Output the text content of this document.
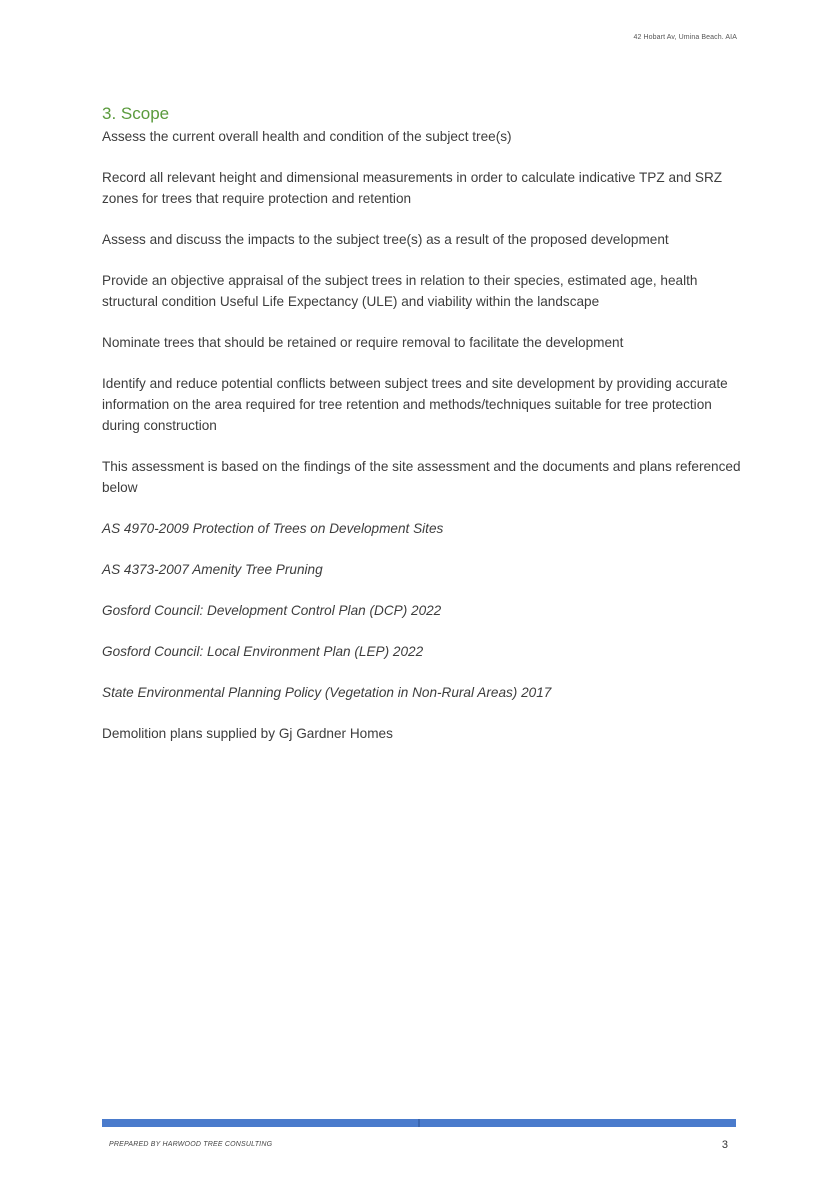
42 Hobart Av, Umina Beach. AIA
3. Scope

Assess the current overall health and condition of the subject tree(s)

Record all relevant height and dimensional measurements in order to calculate indicative TPZ and SRZ zones for trees that require protection and retention

Assess and discuss the impacts to the subject tree(s) as a result of the proposed development

Provide an objective appraisal of the subject trees in relation to their species, estimated age, health structural condition Useful Life Expectancy (ULE) and viability within the landscape

Nominate trees that should be retained or require removal to facilitate the development

Identify and reduce potential conflicts between subject trees and site development by providing accurate information on the area required for tree retention and methods/techniques suitable for tree protection during construction

This assessment is based on the findings of the site assessment and the documents and plans referenced below

AS 4970-2009 Protection of Trees on Development Sites

AS 4373-2007 Amenity Tree Pruning

Gosford Council: Development Control Plan (DCP) 2022

Gosford Council: Local Environment Plan (LEP) 2022

State Environmental Planning Policy (Vegetation in Non-Rural Areas) 2017

Demolition plans supplied by Gj Gardner Homes

PREPARED BY HARWOOD TREE CONSULTING	3
